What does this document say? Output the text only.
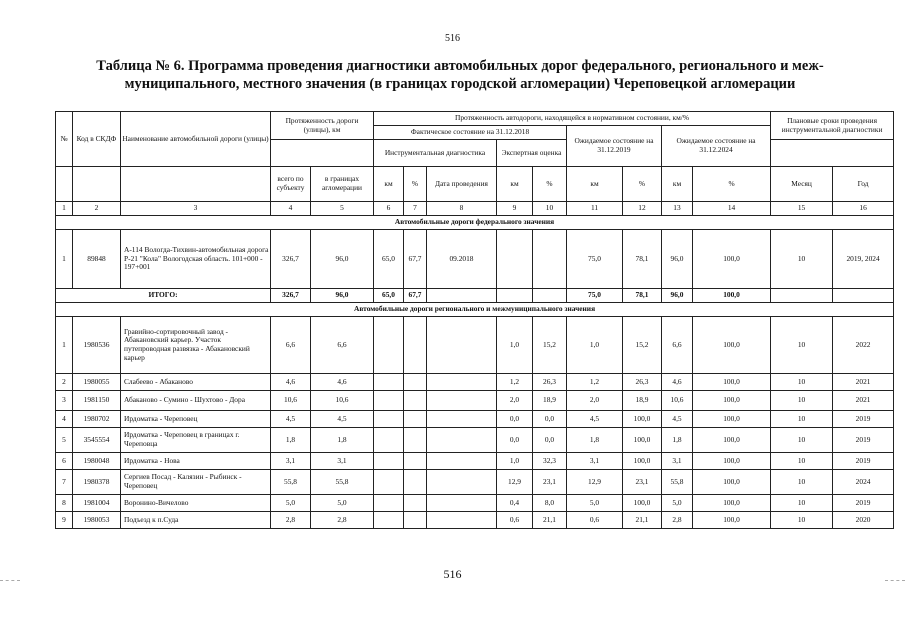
516
Таблица № 6. Программа проведения диагностики автомобильных дорог федерального, регионального и меж-
муниципального, местного значения (в границах городской агломерации) Череповецкой агломерации
№	Код в СКДФ	Наименование автомобильной дороги (улицы)	Протяженность дороги (улицы), км		Протяженность автодороги, находящейся в нормативном состоянии, км/%									Плановые сроки проведения инструментальной диагностики	
					Фактическое состояние на 31.12.2018					Ожидаемое состояние на 31.12.2019		Ожидаемое состояние на 31.12.2024			
					Инструментальная диагностика			Экспертная оценка							
			всего по субъекту	в границах агломерации	км	%	Дата проведения	км	%	км	%	км	%	Месяц	Год
1	2	3	4	5	6	7	8	9	10	11	12	13	14	15	16
Автомобильные дороги федерального значения															
1	89848	А-114 Вологда-Тихвин-автомобильная дорога Р-21 "Кола" Вологодская область. 101+000 - 197+001	326,7	96,0	65,0	67,7	09.2018			75,0	78,1	96,0	100,0	10	2019, 2024
ИТОГО:			326,7	96,0	65,0	67,7				75,0	78,1	96,0	100,0		
Автомобильные дороги регионального и межмуниципального значения															
1	1980536	Гравийно-сортировочный завод - Абакановский карьер. Участок путепроводная развязка - Абакановский карьер	6,6	6,6				1,0	15,2	1,0	15,2	6,6	100,0	10	2022
2	1980055	Слабеево - Абаканово	4,6	4,6				1,2	26,3	1,2	26,3	4,6	100,0	10	2021
3	1981150	Абаканово - Сумино - Шухтово - Дора	10,6	10,6				2,0	18,9	2,0	18,9	10,6	100,0	10	2021
4	1980702	Ирдоматка - Череповец	4,5	4,5				0,0	0,0	4,5	100,0	4,5	100,0	10	2019
5	3545554	Ирдоматка - Череповец в границах г. Череповца	1,8	1,8				0,0	0,0	1,8	100,0	1,8	100,0	10	2019
6	1980048	Ирдоматка - Нова	3,1	3,1				1,0	32,3	3,1	100,0	3,1	100,0	10	2019
7	1980378	Сергиев Посад - Калязин - Рыбинск - Череповец	55,8	55,8				12,9	23,1	12,9	23,1	55,8	100,0	10	2024
8	1981004	Воронино-Вичелово	5,0	5,0				0,4	8,0	5,0	100,0	5,0	100,0	10	2019
9	1980053	Подъезд к п.Суда	2,8	2,8				0,6	21,1	0,6	21,1	2,8	100,0	10	2020
516
